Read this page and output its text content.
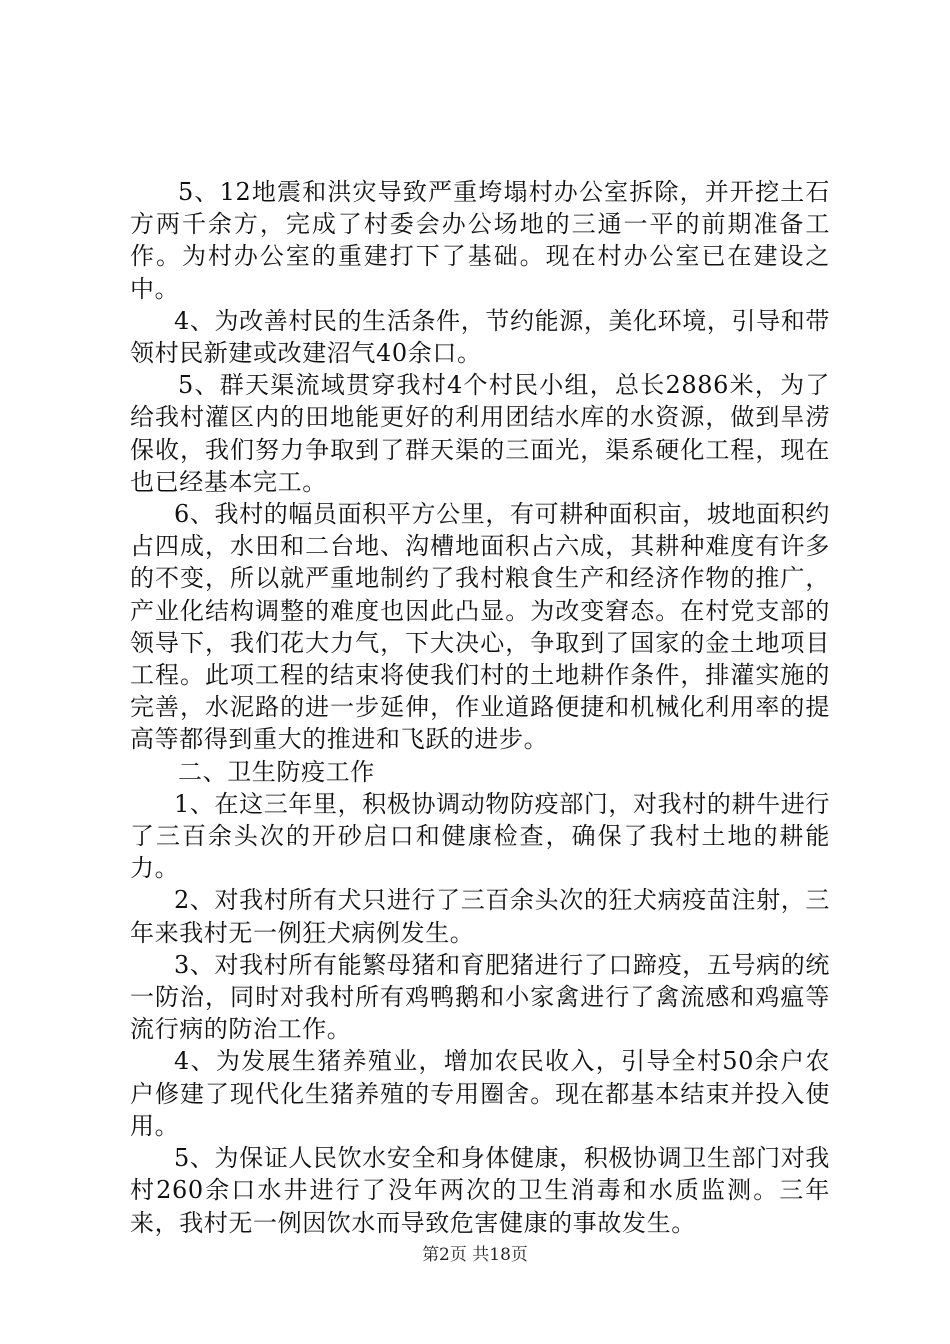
5、12地震和洪灾导致严重垮塌村办公室拆除，并开挖土石方两千余方，完成了村委会办公场地的三通一平的前期准备工作。为村办公室的重建打下了基础。现在村办公室已在建设之中。

4、为改善村民的生活条件，节约能源，美化环境，引导和带领村民新建或改建沼气40余口。

5、群天渠流域贯穿我村4个村民小组，总长2886米，为了给我村灌区内的田地能更好的利用团结水库的水资源，做到旱涝保收，我们努力争取到了群天渠的三面光，渠系硬化工程，现在也已经基本完工。

6、我村的幅员面积平方公里，有可耕种面积亩，坡地面积约占四成，水田和二台地、沟槽地面积占六成，其耕种难度有许多的不变，所以就严重地制约了我村粮食生产和经济作物的推广，产业化结构调整的难度也因此凸显。为改变窘态。在村党支部的领导下，我们花大力气，下大决心，争取到了国家的金土地项目工程。此项工程的结束将使我们村的土地耕作条件，排灌实施的完善，水泥路的进一步延伸，作业道路便捷和机械化利用率的提高等都得到重大的推进和飞跃的进步。

二、卫生防疫工作

1、在这三年里，积极协调动物防疫部门，对我村的耕牛进行了三百余头次的开砂启口和健康检查，确保了我村土地的耕能力。

2、对我村所有犬只进行了三百余头次的狂犬病疫苗注射，三年来我村无一例狂犬病例发生。

3、对我村所有能繁母猪和育肥猪进行了口蹄疫，五号病的统一防治，同时对我村所有鸡鸭鹅和小家禽进行了禽流感和鸡瘟等流行病的防治工作。

4、为发展生猪养殖业，增加农民收入，引导全村50余户农户修建了现代化生猪养殖的专用圈舍。现在都基本结束并投入使用。

5、为保证人民饮水安全和身体健康，积极协调卫生部门对我村260余口水井进行了没年两次的卫生消毒和水质监测。三年来，我村无一例因饮水而导致危害健康的事故发生。

第2页 共18页
